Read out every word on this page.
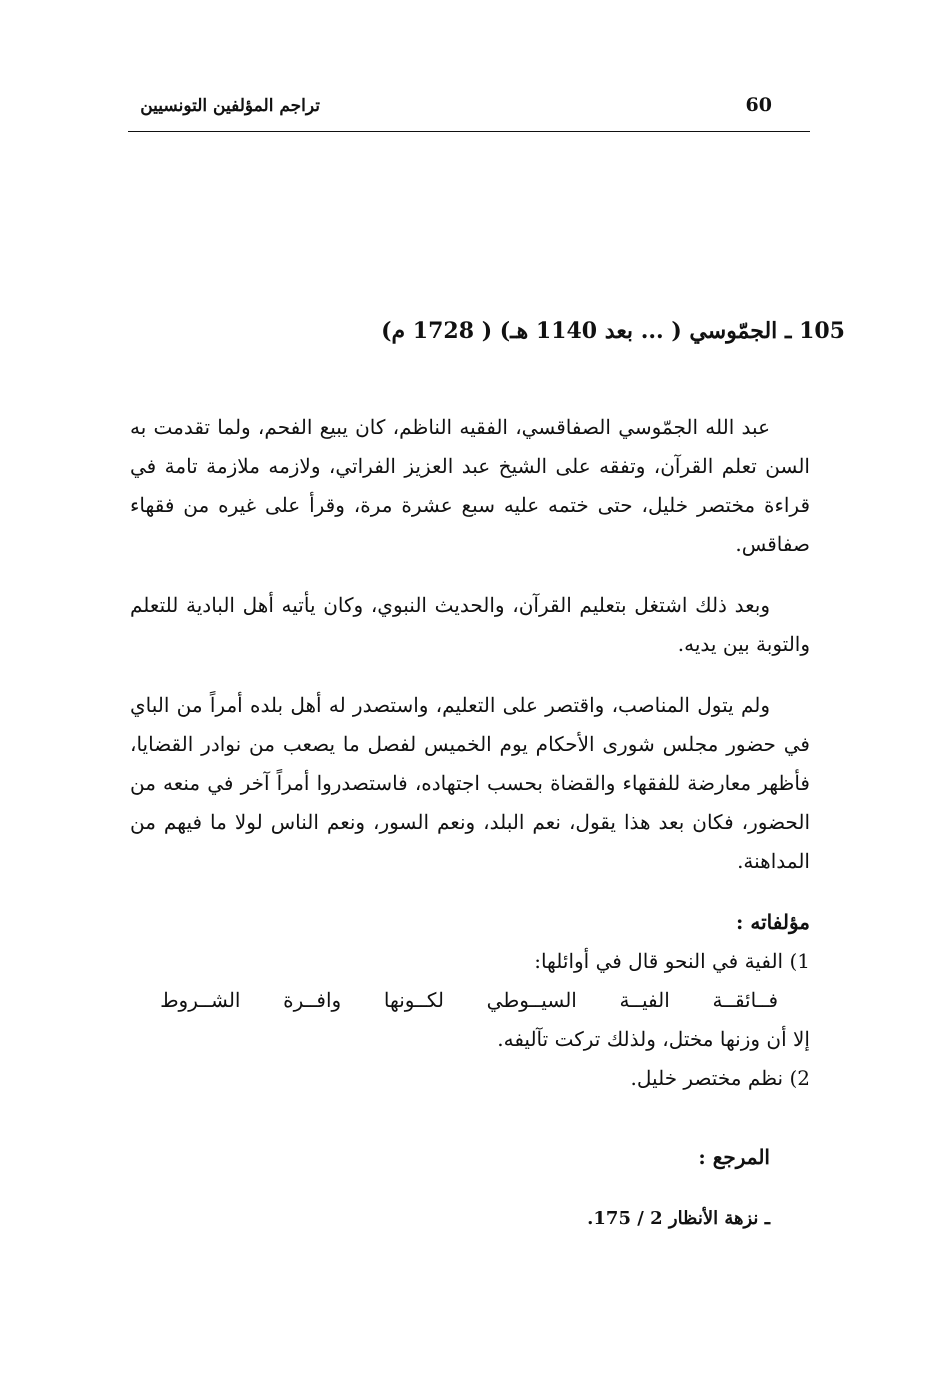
تراجم المؤلفين التونسيين	60
105 ـ الجمّوسي ( ... بعد 1140 هـ) ( 1728 م)

عبد الله الجمّوسي الصفاقسي، الفقيه الناظم، كان يبيع الفحم، ولما تقدمت به السن تعلم القرآن، وتفقه على الشيخ عبد العزيز الفراتي، ولازمه ملازمة تامة في قراءة مختصر خليل، حتى ختمه عليه سبع عشرة مرة، وقرأ على غيره من فقهاء صفاقس.

وبعد ذلك اشتغل بتعليم القرآن، والحديث النبوي، وكان يأتيه أهل البادية للتعلم والتوبة بين يديه.

ولم يتول المناصب، واقتصر على التعليم، واستصدر له أهل بلده أمراً من الباي في حضور مجلس شورى الأحكام يوم الخميس لفصل ما يصعب من نوادر القضايا، فأظهر معارضة للفقهاء والقضاة بحسب اجتهاده، فاستصدروا أمراً آخر في منعه من الحضور، فكان بعد هذا يقول، نعم البلد، ونعم السور، ونعم الناس لولا ما فيهم من المداهنة.

مؤلفاته :

1) الفية في النحو قال في أوائلها:

فــائقــة
الفيــة
السيــوطي
لكــونها
وافــرة
الشــروط

إلا أن وزنها مختل، ولذلك تركت تآليفه.

2) نظم مختصر خليل.

المرجع :

ـ نزهة الأنظار 2 / 175.
